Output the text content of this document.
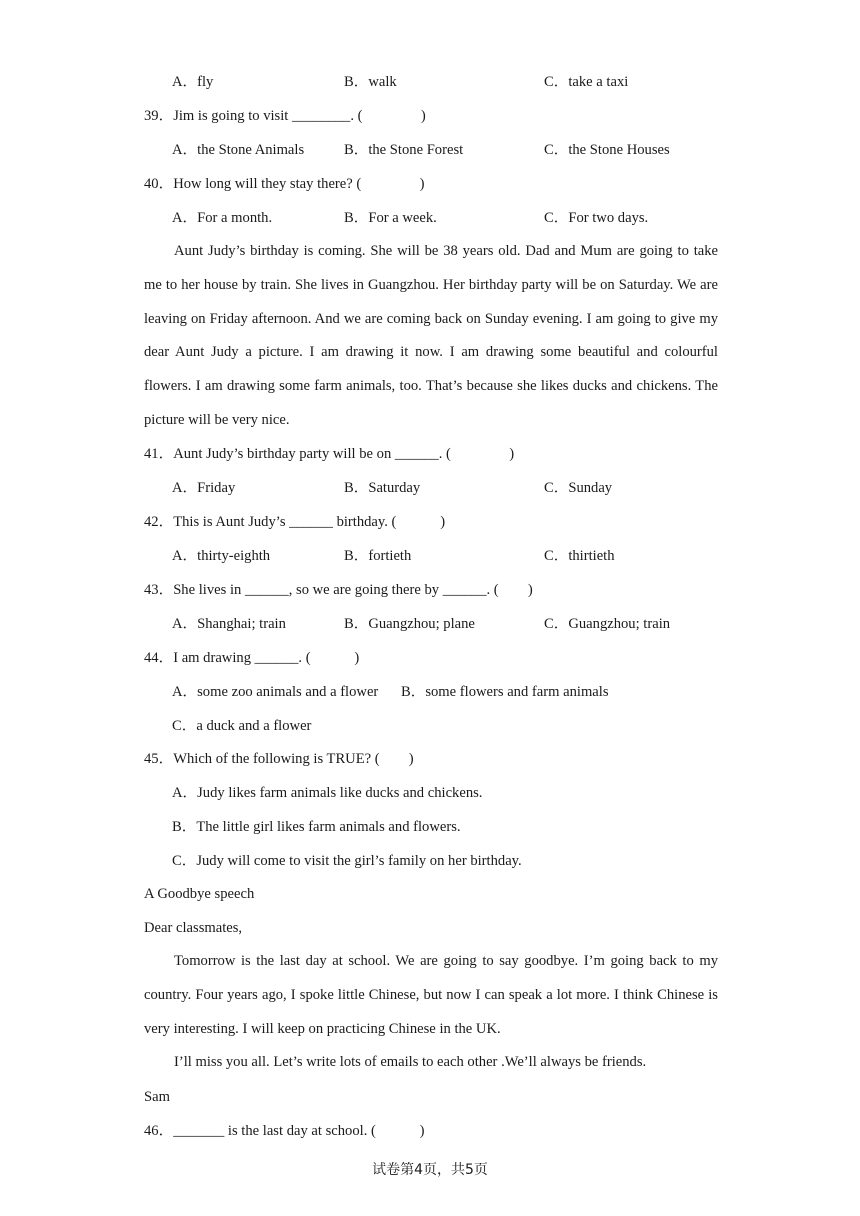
A．fly	B．walk	C．take a taxi
39．Jim is going to visit ________. (　　　　)
A．the Stone Animals	B．the Stone Forest	C．the Stone Houses
40．How long will they stay there? (　　　　)
A．For a month.	B．For a week.	C．For two days.

Aunt Judy’s birthday is coming. She will be 38 years old. Dad and Mum are going to take me to her house by train. She lives in Guangzhou. Her birthday party will be on Saturday. We are leaving on Friday afternoon. And we are coming back on Sunday evening. I am going to give my dear Aunt Judy a picture. I am drawing it now. I am drawing some beautiful and colourful flowers. I am drawing some farm animals, too. That’s because she likes ducks and chickens. The picture will be very nice.

41．Aunt Judy’s birthday party will be on ______. (　　　　)
A．Friday	B．Saturday	C．Sunday
42．This is Aunt Judy’s ______ birthday. (　　　)
A．thirty-eighth	B．fortieth	C．thirtieth
43．She lives in ______, so we are going there by ______. (　　)
A．Shanghai; train	B．Guangzhou; plane	C．Guangzhou; train
44．I am drawing ______. (　　　)
A．some zoo animals and a flower B．some flowers and farm animals
C．a duck and a flower
45．Which of the following is TRUE? (　　)
A．Judy likes farm animals like ducks and chickens.
B．The little girl likes farm animals and flowers.
C．Judy will come to visit the girl’s family on her birthday.
A Goodbye speech
Dear classmates,

Tomorrow is the last day at school. We are going to say goodbye. I’m going back to my country. Four years ago, I spoke little Chinese, but now I can speak a lot more. I think Chinese is very interesting. I will keep on practicing Chinese in the UK.

I’ll miss you all. Let’s write lots of emails to each other .We’ll always be friends.

Sam
46．_______ is the last day at school. (　　　)
试卷第4页，共5页
